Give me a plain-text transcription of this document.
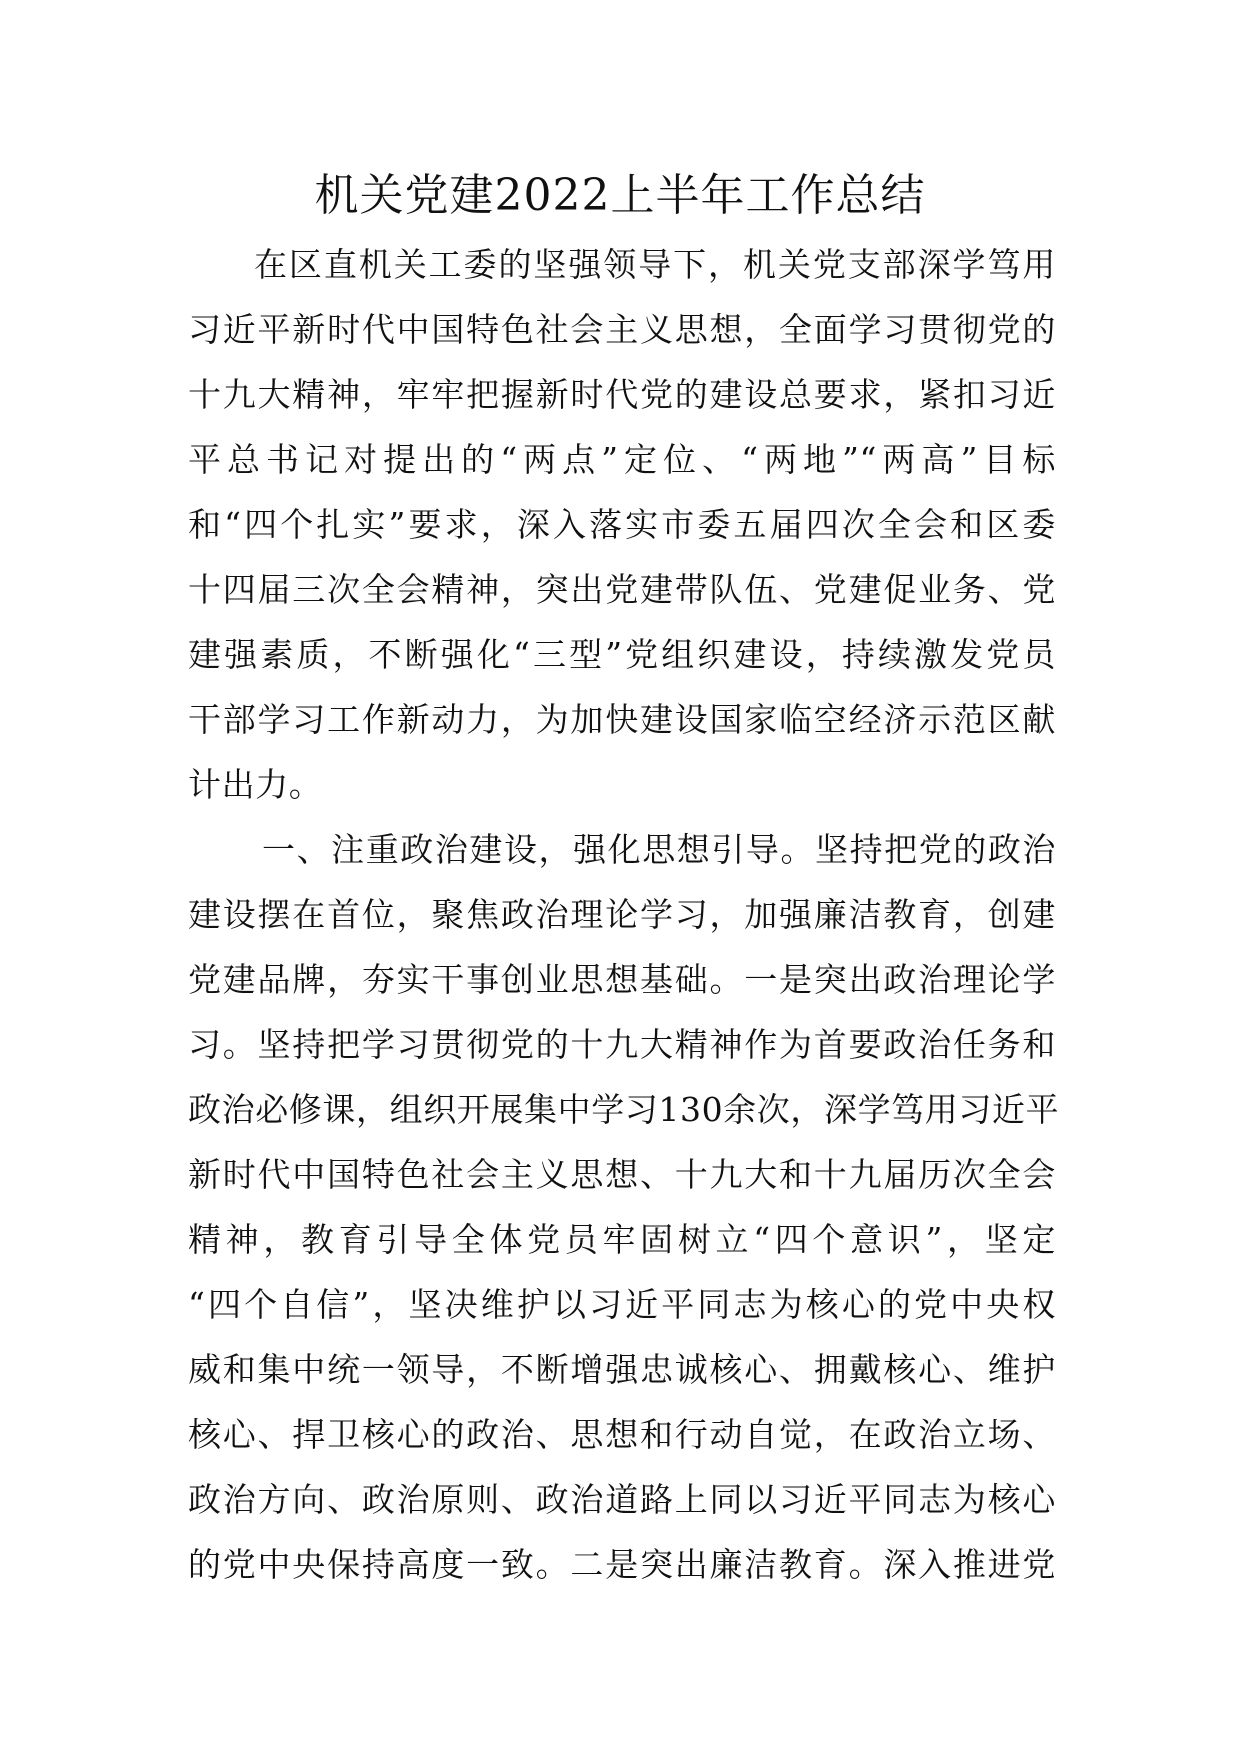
机关党建2022上半年工作总结
在区直机关工委的坚强领导下，机关党支部深学笃用
习近平新时代中国特色社会主义思想，全面学习贯彻党的
十九大精神，牢牢把握新时代党的建设总要求，紧扣习近
平总书记对提出的“两点”定位、“两地”“两高”目标
和“四个扎实”要求，深入落实市委五届四次全会和区委
十四届三次全会精神，突出党建带队伍、党建促业务、党
建强素质，不断强化“三型”党组织建设，持续激发党员
干部学习工作新动力，为加快建设国家临空经济示范区献
计出力。
一、注重政治建设，强化思想引导。坚持把党的政治
建设摆在首位，聚焦政治理论学习，加强廉洁教育，创建
党建品牌，夯实干事创业思想基础。一是突出政治理论学
习。坚持把学习贯彻党的十九大精神作为首要政治任务和
政治必修课，组织开展集中学习130余次，深学笃用习近平
新时代中国特色社会主义思想、十九大和十九届历次全会
精神，教育引导全体党员牢固树立“四个意识”，坚定
“四个自信”，坚决维护以习近平同志为核心的党中央权
威和集中统一领导，不断增强忠诚核心、拥戴核心、维护
核心、捍卫核心的政治、思想和行动自觉，在政治立场、
政治方向、政治原则、政治道路上同以习近平同志为核心
的党中央保持高度一致。二是突出廉洁教育。深入推进党
